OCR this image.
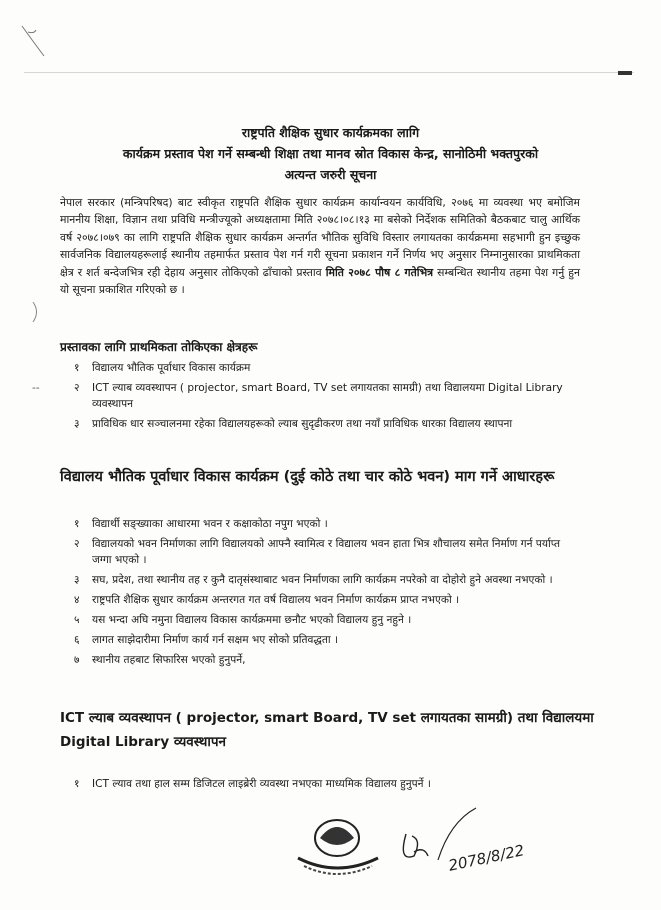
राष्ट्रपति शैक्षिक सुधार कार्यक्रमका लागि
कार्यक्रम प्रस्ताव पेश गर्ने सम्बन्धी शिक्षा तथा मानव स्रोत विकास केन्द्र, सानोठिमी भक्तपुरको
अत्यन्त जरुरी सूचना
नेपाल सरकार (मन्त्रिपरिषद) बाट स्वीकृत राष्ट्रपति शैक्षिक सुधार कार्यक्रम कार्यान्वयन कार्यविधि, २०७६ मा व्यवस्था भए बमोजिम माननीय शिक्षा, विज्ञान तथा प्रविधि मन्त्रीज्यूको अध्यक्षतामा मिति २०७८।०८।१३ मा बसेको निर्देशक समितिको बैठकबाट चालु आर्थिक वर्ष २०७८।०७९ का लागि राष्ट्रपति शैक्षिक सुधार कार्यक्रम अन्तर्गत भौतिक सुविधि विस्तार लगायतका कार्यक्रममा सहभागी हुन इच्छुक सार्वजनिक विद्यालयहरूलाई स्थानीय तहमार्फत प्रस्ताव पेश गर्न गरी सूचना प्रकाशन गर्ने निर्णय भए अनुसार निम्नानुसारका प्राथमिकता क्षेत्र र शर्त बन्देजभित्र रही देहाय अनुसार तोकिएको ढाँचाको प्रस्ताव मिति २०७८ पौष ८ गतेभित्र सम्बन्धित स्थानीय तहमा पेश गर्नु हुन यो सूचना प्रकाशित गरिएको छ ।
प्रस्तावका लागि प्राथमिकता तोकिएका क्षेत्रहरू
१ विद्यालय भौतिक पूर्वाधार विकास कार्यक्रम
--	२ ICT ल्याब व्यवस्थापन ( projector, smart Board, TV set लगायतका सामग्री) तथा विद्यालयमा Digital Library व्यवस्थापन
३ प्राविधिक धार सञ्चालनमा रहेका विद्यालयहरूको ल्याब सुदृढीकरण तथा नयाँ प्राविधिक धारका विद्यालय स्थापना
विद्यालय भौतिक पूर्वाधार विकास कार्यक्रम (दुई कोठे तथा चार कोठे भवन) माग गर्ने आधारहरू
१ विद्यार्थी सङ्ख्याका आधारमा भवन र कक्षाकोठा नपुग भएको ।
२ विद्यालयको भवन निर्माणका लागि विद्यालयको आफ्नै स्वामित्व र विद्यालय भवन हाता भित्र शौचालय समेत निर्माण गर्न पर्याप्त जग्गा भएको ।
३ सघ, प्रदेश, तथा स्थानीय तह र कुनै दातृसंस्थाबाट भवन निर्माणका लागि कार्यक्रम नपरेको वा दोहोरो हुने अवस्था नभएको ।
४ राष्ट्रपति शैक्षिक सुधार कार्यक्रम अन्तरगत गत वर्ष विद्यालय भवन निर्माण कार्यक्रम प्राप्त नभएको ।
५ यस भन्दा अघि नमुना विद्यालय विकास कार्यक्रममा छनौट भएको विद्यालय हुनु नहुने ।
६ लागत साझेदारीमा निर्माण कार्य गर्न सक्षम भए सोको प्रतिवद्धता ।
७ स्थानीय तहबाट सिफारिस भएको हुनुपर्ने,
ICT ल्याब व्यवस्थापन ( projector, smart Board, TV set लगायतका सामग्री) तथा विद्यालयमा Digital Library व्यवस्थापन
१ ICT ल्याव तथा हाल सम्म डिजिटल लाइब्रेरी व्यवस्था नभएका माध्यमिक विद्यालय हुनुपर्ने ।
2078/8/22
